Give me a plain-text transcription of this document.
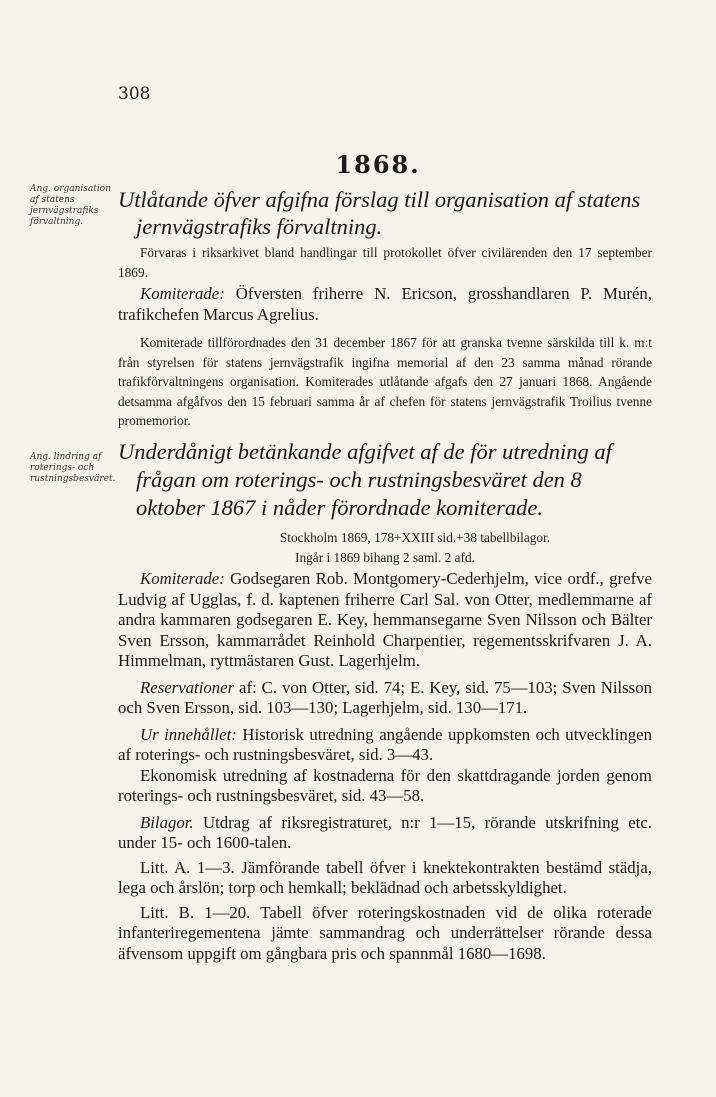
308
1868.
Ang. organisation af statens jernvägstrafiks förvaltning.

Utlåtande öfver afgifna förslag till organisation af statens jernvägstrafiks förvaltning.

Förvaras i riksarkivet bland handlingar till protokollet öfver civilärenden den 17 september 1869.

Komiterade: Öfversten friherre N. Ericson, grosshandlaren P. Murén, trafikchefen Marcus Agrelius.

Komiterade tillförordnades den 31 december 1867 för att granska tvenne särskilda till k. m:t från styrelsen för statens jernvägstrafik ingifna memorial af den 23 samma månad rörande trafikförvaltningens organisation. Komiterades utlåtande afgafs den 27 januari 1868. Angående detsamma afgåfvos den 15 februari samma år af chefen för statens jernvägstrafik Troilius tvenne promemorior.

Ang. lindring af roterings- och rustningsbesväret.

Underdånigt betänkande afgifvet af de för utredning af frågan om roterings- och rustningsbesväret den 8 oktober 1867 i nåder förordnade komiterade.

Stockholm 1869, 178+XXIII sid.+38 tabellbilagor.

Ingår i 1869 bihang 2 saml. 2 afd.

Komiterade: Godsegaren Rob. Montgomery-Cederhjelm, vice ordf., grefve Ludvig af Ugglas, f. d. kaptenen friherre Carl Sal. von Otter, medlemmarne af andra kammaren godsegaren E. Key, hemmansegarne Sven Nilsson och Bälter Sven Ersson, kammarrådet Reinhold Charpentier, regementsskrifvaren J. A. Himmelman, ryttmästaren Gust. Lagerhjelm.

Reservationer af: C. von Otter, sid. 74; E. Key, sid. 75—103; Sven Nilsson och Sven Ersson, sid. 103—130; Lagerhjelm, sid. 130—171.

Ur innehållet: Historisk utredning angående uppkomsten och utvecklingen af roterings- och rustningsbesväret, sid. 3—43.

Ekonomisk utredning af kostnaderna för den skattdragande jorden genom roterings- och rustningsbesväret, sid. 43—58.

Bilagor. Utdrag af riksregistraturet, n:r 1—15, rörande utskrifning etc. under 15- och 1600-talen.

Litt. A. 1—3. Jämförande tabell öfver i knektekontrakten bestämd städja, lega och årslön; torp och hemkall; beklädnad och arbetsskyldighet.

Litt. B. 1—20. Tabell öfver roteringskostnaden vid de olika roterade infanteriregementena jämte sammandrag och underrättelser rörande dessa äfvensom uppgift om gångbara pris och spannmål 1680—1698.
